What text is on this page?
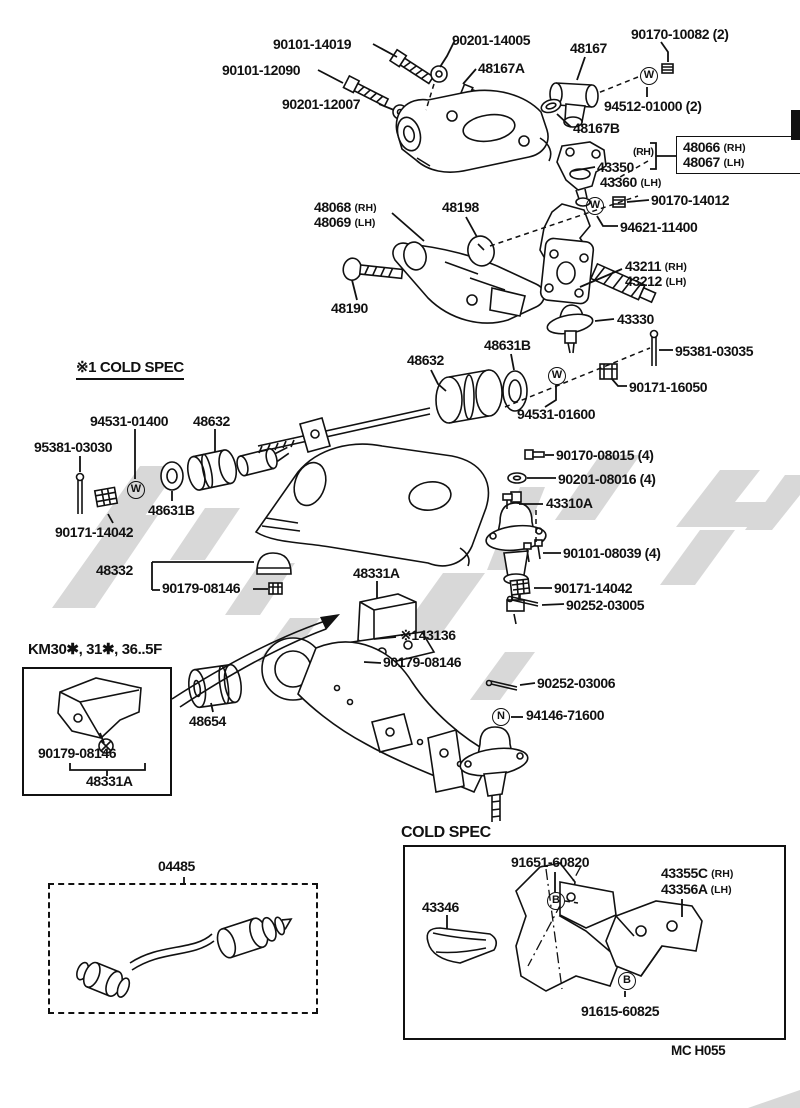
90101-14019	90201-14005	48167
90170-10082 (2)
90101-12090	48167A
90201-12007	94512-01000 (2)
48167B
48066 (RH)
48067 (LH)
(RH)
43350
43360 (LH)
90170-14012
94621-11400
48068 (RH)
48069 (LH)
48198
43211 (RH)
43212 (LH)
48190
43330
※1 COLD SPEC
48631B
48632
95381-03035
90171-16050
94531-01600
94531-01400 48632
95381-03030
48631B
90171-14042
90170-08015 (4)
90201-08016 (4)
43310A
90101-08039 (4)
48332
90179-08146
48331A
90171-14042
90252-03005
※143136
90179-08146
KM30✱, 31✱, 36..5F
48654
90252-03006
94146-71600
90179-08146
48331A
04485
COLD SPEC
91651-60820
43355C (RH)
43356A (LH)
43346
91615-60825
MC H055
W
W
W
W
N
B
B
